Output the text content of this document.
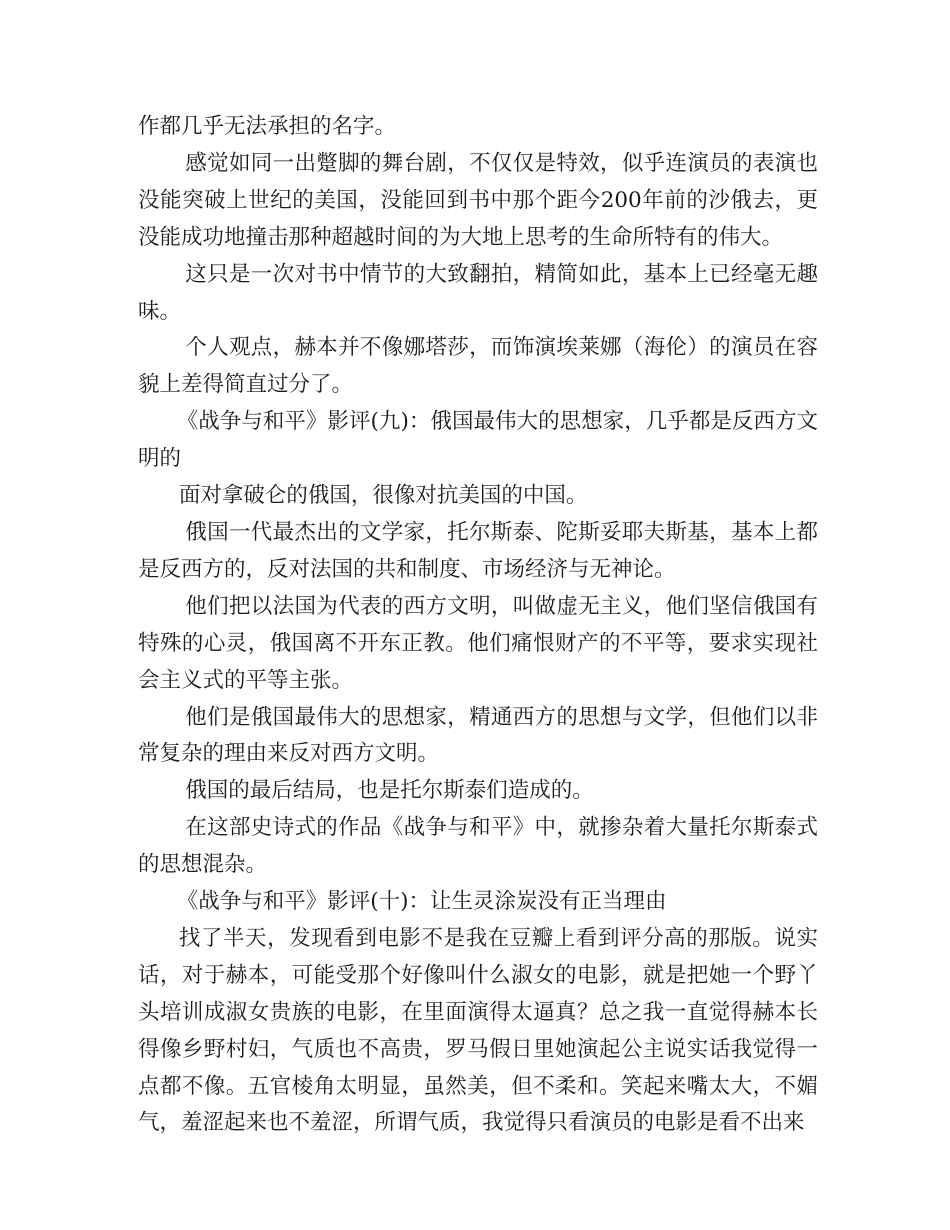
作都几乎无法承担的名字。

感觉如同一出蹩脚的舞台剧，不仅仅是特效，似乎连演员的表演也没能突破上世纪的美国，没能回到书中那个距今200年前的沙俄去，更没能成功地撞击那种超越时间的为大地上思考的生命所特有的伟大。

这只是一次对书中情节的大致翻拍，精简如此，基本上已经毫无趣味。

个人观点，赫本并不像娜塔莎，而饰演埃莱娜（海伦）的演员在容貌上差得简直过分了。

《战争与和平》影评(九)：俄国最伟大的思想家，几乎都是反西方文明的

面对拿破仑的俄国，很像对抗美国的中国。

俄国一代最杰出的文学家，托尔斯泰、陀斯妥耶夫斯基，基本上都是反西方的，反对法国的共和制度、市场经济与无神论。

他们把以法国为代表的西方文明，叫做虚无主义，他们坚信俄国有特殊的心灵，俄国离不开东正教。他们痛恨财产的不平等，要求实现社会主义式的平等主张。

他们是俄国最伟大的思想家，精通西方的思想与文学，但他们以非常复杂的理由来反对西方文明。

俄国的最后结局，也是托尔斯泰们造成的。

在这部史诗式的作品《战争与和平》中，就掺杂着大量托尔斯泰式的思想混杂。

《战争与和平》影评(十)：让生灵涂炭没有正当理由

找了半天，发现看到电影不是我在豆瓣上看到评分高的那版。说实话，对于赫本，可能受那个好像叫什么淑女的电影，就是把她一个野丫头培训成淑女贵族的电影，在里面演得太逼真？总之我一直觉得赫本长得像乡野村妇，气质也不高贵，罗马假日里她演起公主说实话我觉得一点都不像。五官棱角太明显，虽然美，但不柔和。笑起来嘴太大，不媚气，羞涩起来也不羞涩，所谓气质，我觉得只看演员的电影是看不出来
